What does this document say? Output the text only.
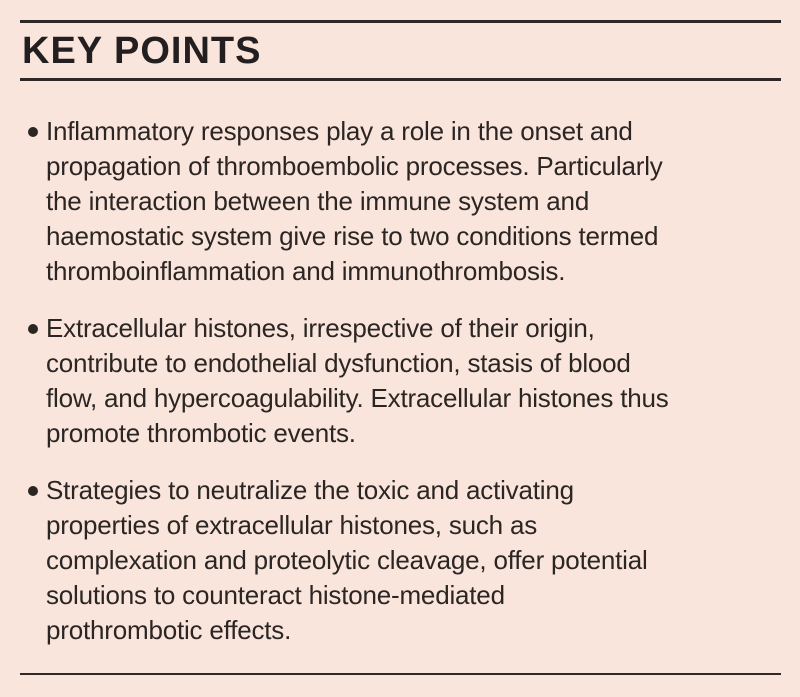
KEY POINTS
Inflammatory responses play a role in the onset and
propagation of thromboembolic processes. Particularly
the interaction between the immune system and
haemostatic system give rise to two conditions termed
thromboinflammation and immunothrombosis.
Extracellular histones, irrespective of their origin,
contribute to endothelial dysfunction, stasis of blood
flow, and hypercoagulability. Extracellular histones thus
promote thrombotic events.
Strategies to neutralize the toxic and activating
properties of extracellular histones, such as
complexation and proteolytic cleavage, offer potential
solutions to counteract histone-mediated
prothrombotic effects.
